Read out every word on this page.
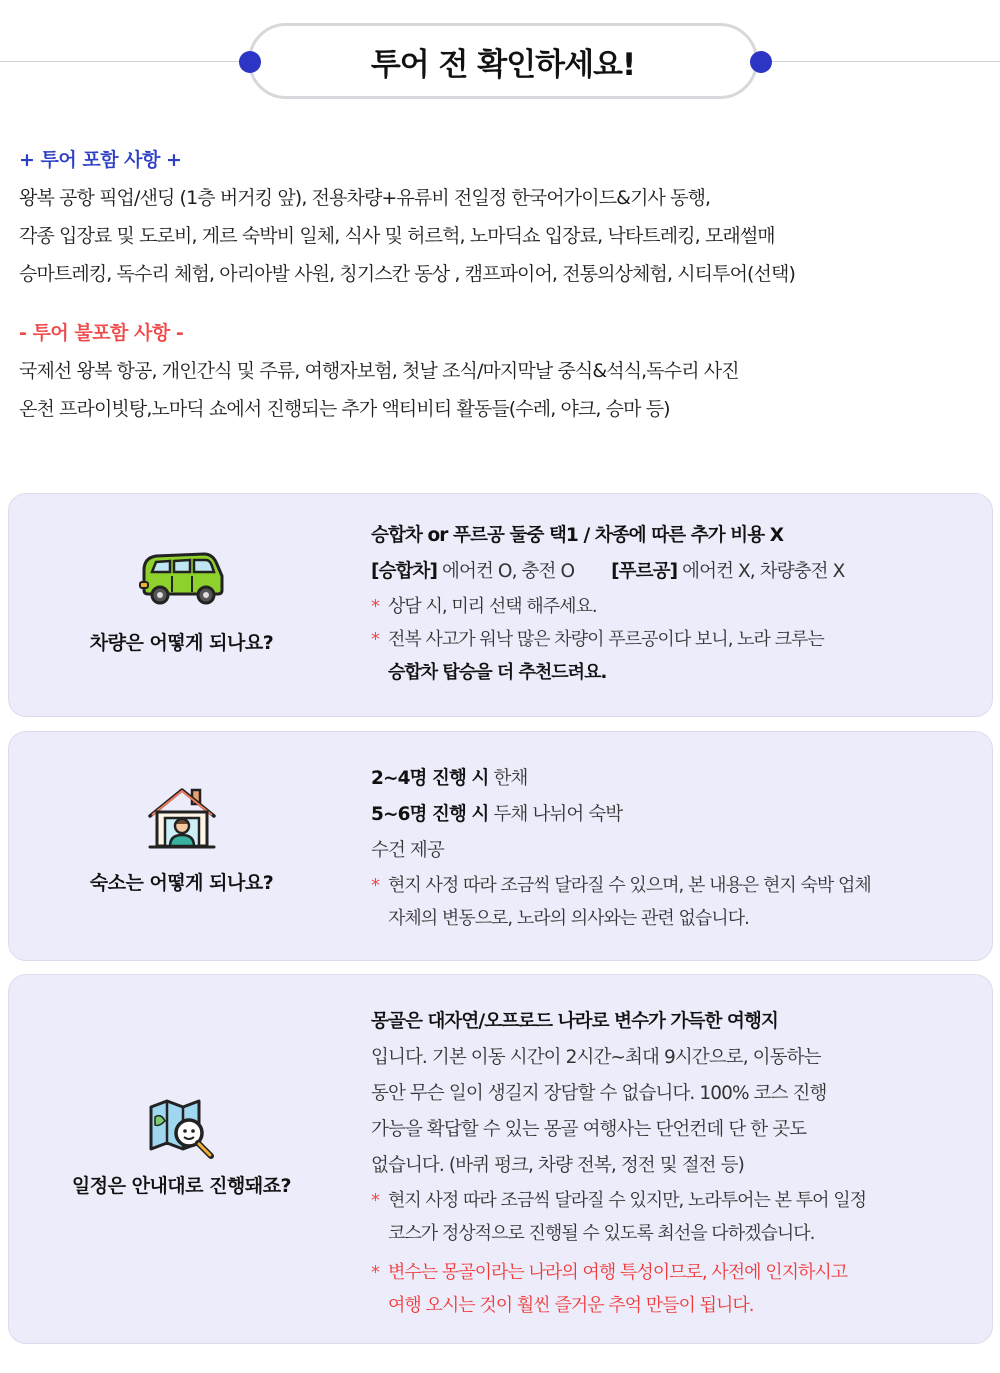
투어 전 확인하세요!
+ 투어 포함 사항 +
왕복 공항 픽업/샌딩 (1층 버거킹 앞), 전용차량+유류비 전일정 한국어가이드&기사 동행,
각종 입장료 및 도로비, 게르 숙박비 일체, 식사 및 허르헉, 노마딕쇼 입장료, 낙타트레킹, 모래썰매
승마트레킹, 독수리 체험, 아리아발 사원, 칭기스칸 동상 , 캠프파이어, 전통의상체험, 시티투어(선택)
- 투어 불포함 사항 -
국제선 왕복 항공, 개인간식 및 주류, 여행자보험, 첫날 조식/마지막날 중식&석식,독수리 사진
온천 프라이빗탕,노마딕 쇼에서 진행되는 추가 액티비티 활동들(수레, 야크, 승마 등)
차량은 어떻게 되나요?
승합차 or 푸르공 둘중 택1 / 차종에 따른 추가 비용 X
[승합차] 에어컨 O, 충전 O [푸르공] 에어컨 X, 차량충전 X
* 상담 시, 미리 선택 해주세요.
* 전복 사고가 워낙 많은 차량이 푸르공이다 보니, 노라 크루는
승합차 탑승을 더 추천드려요.
숙소는 어떻게 되나요?
2~4명 진행 시 한채
5~6명 진행 시 두채 나뉘어 숙박
수건 제공
* 현지 사정 따라 조금씩 달라질 수 있으며, 본 내용은 현지 숙박 업체
자체의 변동으로, 노라의 의사와는 관련 없습니다.
일정은 안내대로 진행돼죠?
몽골은 대자연/오프로드 나라로 변수가 가득한 여행지
입니다. 기본 이동 시간이 2시간~최대 9시간으로, 이동하는
동안 무슨 일이 생길지 장담할 수 없습니다. 100% 코스 진행
가능을 확답할 수 있는 몽골 여행사는 단언컨데 단 한 곳도
없습니다. (바퀴 펑크, 차량 전복, 정전 및 절전 등)
* 현지 사정 따라 조금씩 달라질 수 있지만, 노라투어는 본 투어 일정
코스가 정상적으로 진행될 수 있도록 최선을 다하겠습니다.
* 변수는 몽골이라는 나라의 여행 특성이므로, 사전에 인지하시고
여행 오시는 것이 훨씬 즐거운 추억 만들이 됩니다.
